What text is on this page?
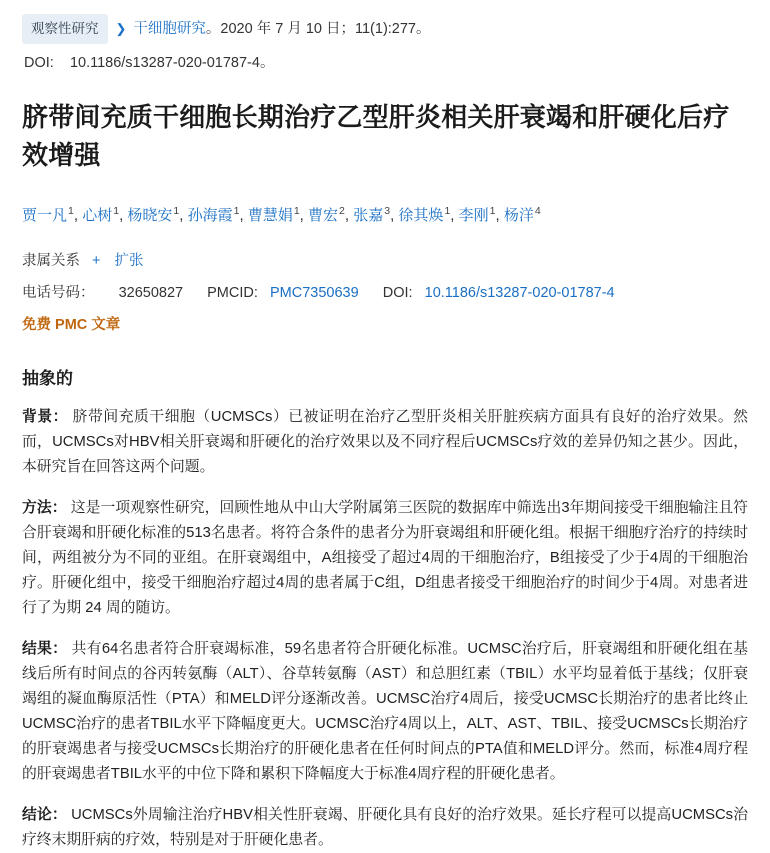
观察性研究	❯ 干细胞研究 。2020 年 7 月 10 日；11(1):277。
DOI: 10.1186/s13287-020-01787-4。
脐带间充质干细胞长期治疗乙型肝炎相关肝衰竭和肝硬化后疗效增强
贾一凡$^1$, 心树$^1$, 杨晓安$^1$, 孙海霞$^1$, 曹慧娟$^1$, 曹宏$^2$, 张嘉$^3$, 徐其焕$^1$, 李刚$^1$, 杨洋$^4$
隶属关系 + 扩张
电话号码： 32650827 PMCID: PMC7350639 DOI: 10.1186/s13287-020-01787-4
免费 PMC 文章
抽象的

背景： 脐带间充质干细胞（UCMSCs）已被证明在治疗乙型肝炎相关肝脏疾病方面具有良好的治疗效果。然而，UCMSCs对HBV相关肝衰竭和肝硬化的治疗效果以及不同疗程后UCMSCs疗效的差异仍知之甚少。因此，本研究旨在回答这两个问题。

方法： 这是一项观察性研究，回顾性地从中山大学附属第三医院的数据库中筛选出3年期间接受干细胞输注且符合肝衰竭和肝硬化标准的513名患者。将符合条件的患者分为肝衰竭组和肝硬化组。根据干细胞疗治疗的持续时间，两组被分为不同的亚组。在肝衰竭组中，A组接受了超过4周的干细胞治疗，B组接受了少于4周的干细胞治疗。肝硬化组中，接受干细胞治疗超过4周的患者属于C组，D组患者接受干细胞治疗的时间少于4周。对患者进行了为期 24 周的随访。

结果： 共有64名患者符合肝衰竭标准，59名患者符合肝硬化标准。UCMSC治疗后，肝衰竭组和肝硬化组在基线后所有时间点的谷丙转氨酶（ALT）、谷草转氨酶（AST）和总胆红素（TBIL）水平均显着低于基线；仅肝衰竭组的凝血酶原活性（PTA）和MELD评分逐渐改善。UCMSC治疗4周后，接受UCMSC长期治疗的患者比终止UCMSC治疗的患者TBIL水平下降幅度更大。UCMSC治疗4周以上，ALT、AST、TBIL、接受UCMSCs长期治疗的肝衰竭患者与接受UCMSCs长期治疗的肝硬化患者在任何时间点的PTA值和MELD评分。然而，标准4周疗程的肝衰竭患者TBIL水平的中位下降和累积下降幅度大于标准4周疗程的肝硬化患者。

结论： UCMSCs外周输注治疗HBV相关性肝衰竭、肝硬化具有良好的治疗效果。延长疗程可以提高UCMSCs治疗终末期肝病的疗效，特别是对于肝硬化患者。
